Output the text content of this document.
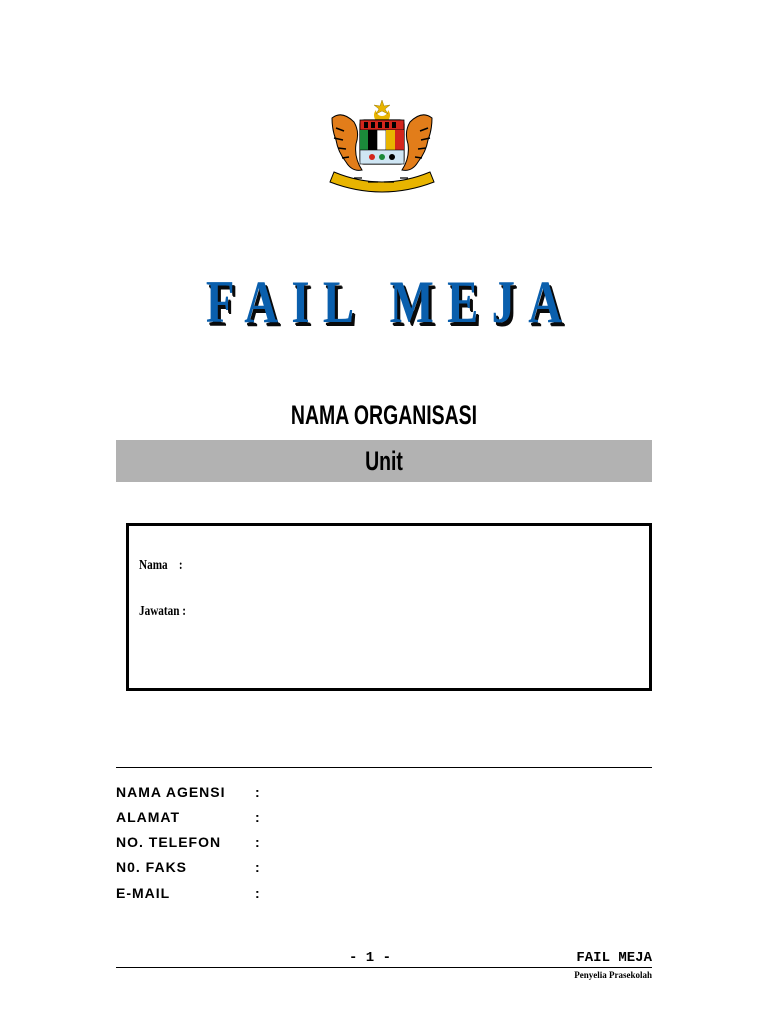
FAIL MEJA
NAMA ORGANISASI
Unit
Nama    :
Jawatan :
NAMA AGENSI :
ALAMAT	:
NO. TELEFON :
N0. FAKS	:
E-MAIL	:
- 1 -	FAIL MEJA
Penyelia Prasekolah
